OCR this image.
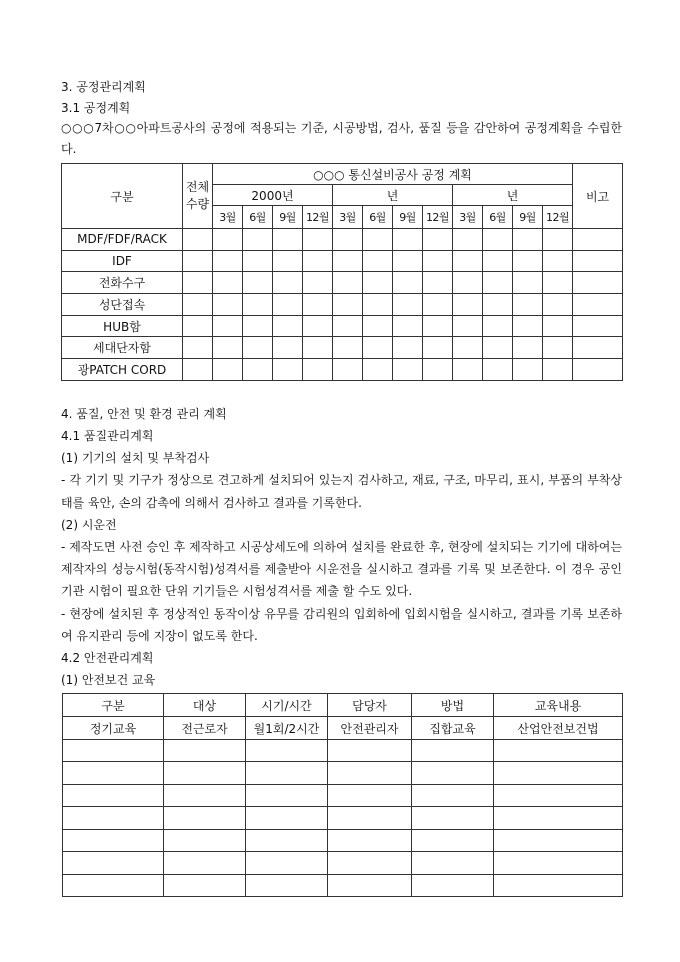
3. 공정관리계획

3.1 공정계획

○○○7차○○아파트공사의 공정에 적용되는 기준, 시공방법, 검사, 품질 등을 감안하여 공정계획을 수립한다.

구분	전체 수량	○○○ 통신설비공사 공정 계획												비고
		2000년				년				년				
		3월	6월	9월	12월	3월	6월	9월	12월	3월	6월	9월	12월	
MDF/FDF/RACK														
IDF														
전화수구														
성단접속														
HUB함														
세대단자함														
광PATCH CORD														

4. 품질, 안전 및 환경 관리 계획

4.1 품질관리계획

(1) 기기의 설치 및 부착검사

- 각 기기 및 기구가 정상으로 견고하게 설치되어 있는지 검사하고, 재료, 구조, 마무리, 표시, 부품의 부착상태를 육안, 손의 감촉에 의해서 검사하고 결과를 기록한다.

(2) 시운전

- 제작도면 사전 승인 후 제작하고 시공상세도에 의하여 설치를 완료한 후, 현장에 설치되는 기기에 대하여는 제작자의 성능시험(동작시험)성격서를 제출받아 시운전을 실시하고 결과를 기록 및 보존한다. 이 경우 공인기관 시험이 필요한 단위 기기들은 시험성격서를 제출 할 수도 있다.

- 현장에 설치된 후 정상적인 동작이상 유무를 감리원의 입회하에 입회시험을 실시하고, 결과를 기록 보존하여 유지관리 등에 지장이 없도록 한다.

4.2 안전관리계획

(1) 안전보건 교육

구분	대상	시기/시간	담당자	방법	교육내용
정기교육	전근로자	월1회/2시간	안전관리자	집합교육	산업안전보건법
